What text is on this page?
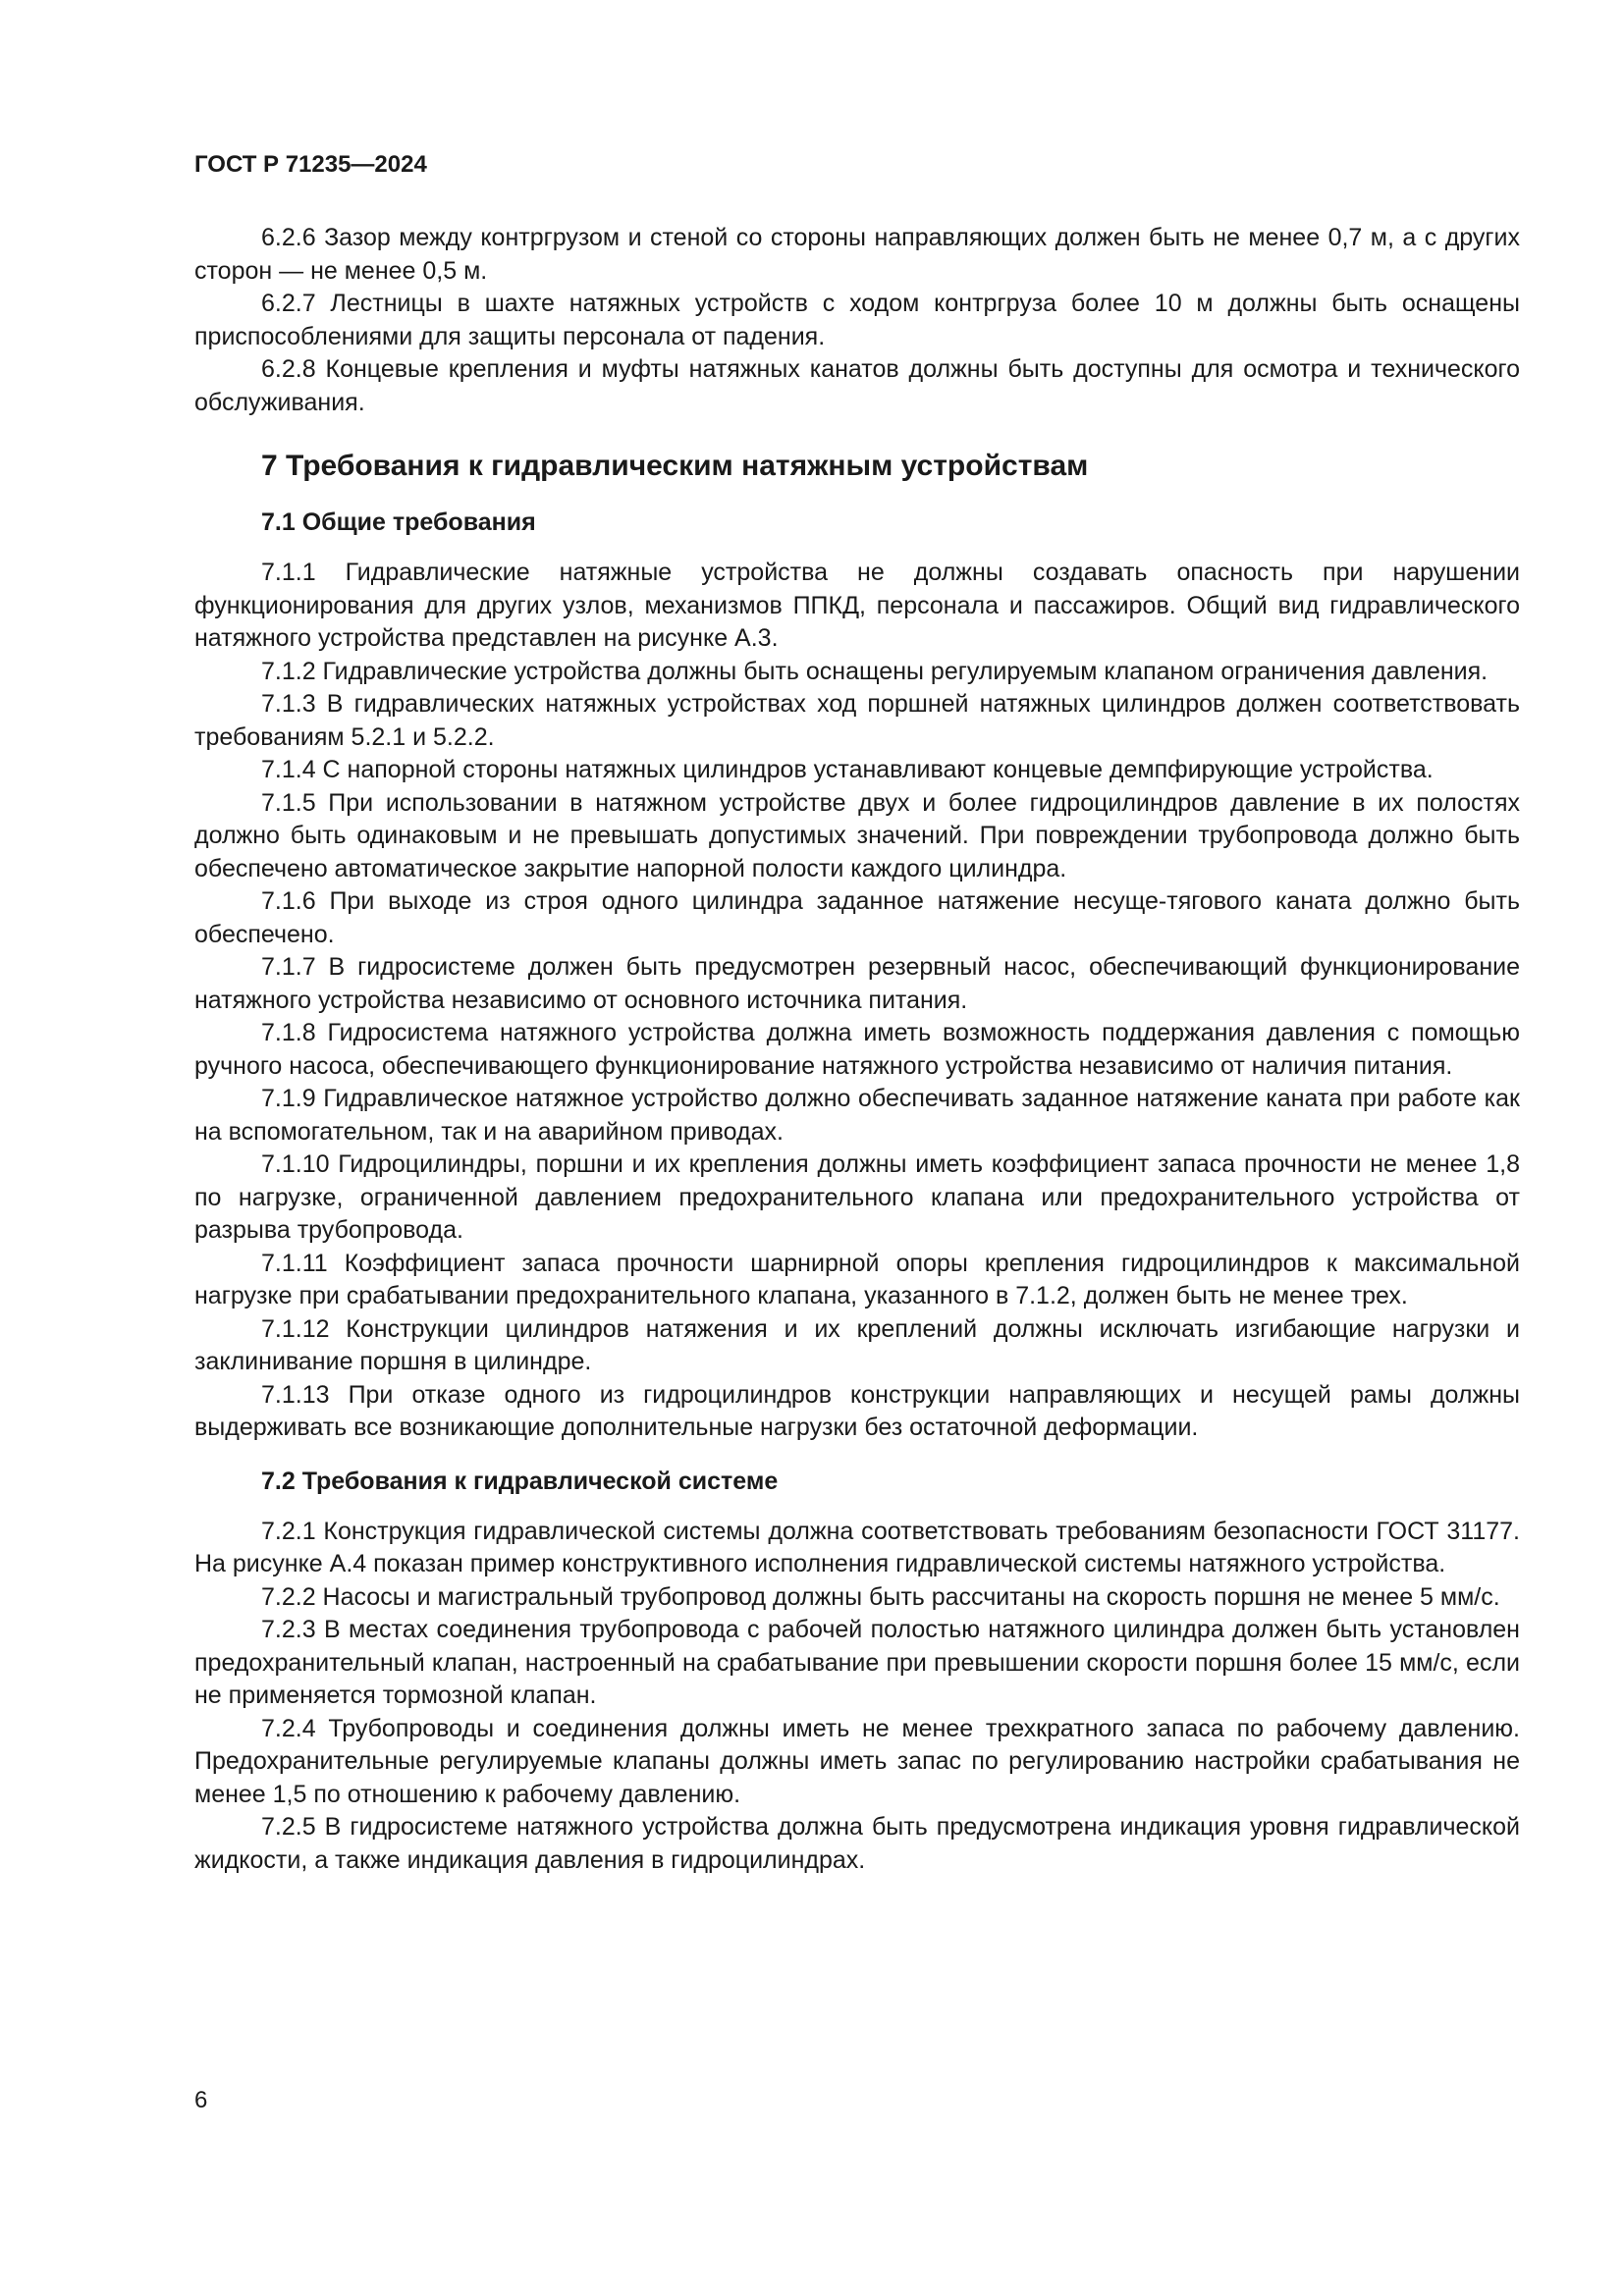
ГОСТ Р 71235—2024

6.2.6 Зазор между контргрузом и стеной со стороны направляющих должен быть не менее 0,7 м, а с других сторон — не менее 0,5 м.

6.2.7 Лестницы в шахте натяжных устройств с ходом контргруза более 10 м должны быть оснащены приспособлениями для защиты персонала от падения.

6.2.8 Концевые крепления и муфты натяжных канатов должны быть доступны для осмотра и технического обслуживания.

7 Требования к гидравлическим натяжным устройствам
7.1 Общие требования

7.1.1 Гидравлические натяжные устройства не должны создавать опасность при нарушении функционирования для других узлов, механизмов ППКД, персонала и пассажиров. Общий вид гидравлического натяжного устройства представлен на рисунке А.3.

7.1.2 Гидравлические устройства должны быть оснащены регулируемым клапаном ограничения давления.

7.1.3 В гидравлических натяжных устройствах ход поршней натяжных цилиндров должен соответствовать требованиям 5.2.1 и 5.2.2.

7.1.4 С напорной стороны натяжных цилиндров устанавливают концевые демпфирующие устройства.

7.1.5 При использовании в натяжном устройстве двух и более гидроцилиндров давление в их полостях должно быть одинаковым и не превышать допустимых значений. При повреждении трубопровода должно быть обеспечено автоматическое закрытие напорной полости каждого цилиндра.

7.1.6 При выходе из строя одного цилиндра заданное натяжение несуще-тягового каната должно быть обеспечено.

7.1.7 В гидросистеме должен быть предусмотрен резервный насос, обеспечивающий функционирование натяжного устройства независимо от основного источника питания.

7.1.8 Гидросистема натяжного устройства должна иметь возможность поддержания давления с помощью ручного насоса, обеспечивающего функционирование натяжного устройства независимо от наличия питания.

7.1.9 Гидравлическое натяжное устройство должно обеспечивать заданное натяжение каната при работе как на вспомогательном, так и на аварийном приводах.

7.1.10 Гидроцилиндры, поршни и их крепления должны иметь коэффициент запаса прочности не менее 1,8 по нагрузке, ограниченной давлением предохранительного клапана или предохранительного устройства от разрыва трубопровода.

7.1.11 Коэффициент запаса прочности шарнирной опоры крепления гидроцилиндров к максимальной нагрузке при срабатывании предохранительного клапана, указанного в 7.1.2, должен быть не менее трех.

7.1.12 Конструкции цилиндров натяжения и их креплений должны исключать изгибающие нагрузки и заклинивание поршня в цилиндре.

7.1.13 При отказе одного из гидроцилиндров конструкции направляющих и несущей рамы должны выдерживать все возникающие дополнительные нагрузки без остаточной деформации.

7.2 Требования к гидравлической системе

7.2.1 Конструкция гидравлической системы должна соответствовать требованиям безопасности ГОСТ 31177. На рисунке А.4 показан пример конструктивного исполнения гидравлической системы натяжного устройства.

7.2.2 Насосы и магистральный трубопровод должны быть рассчитаны на скорость поршня не менее 5 мм/с.

7.2.3 В местах соединения трубопровода с рабочей полостью натяжного цилиндра должен быть установлен предохранительный клапан, настроенный на срабатывание при превышении скорости поршня более 15 мм/с, если не применяется тормозной клапан.

7.2.4 Трубопроводы и соединения должны иметь не менее трехкратного запаса по рабочему давлению. Предохранительные регулируемые клапаны должны иметь запас по регулированию настройки срабатывания не менее 1,5 по отношению к рабочему давлению.

7.2.5 В гидросистеме натяжного устройства должна быть предусмотрена индикация уровня гидравлической жидкости, а также индикация давления в гидроцилиндрах.

6
